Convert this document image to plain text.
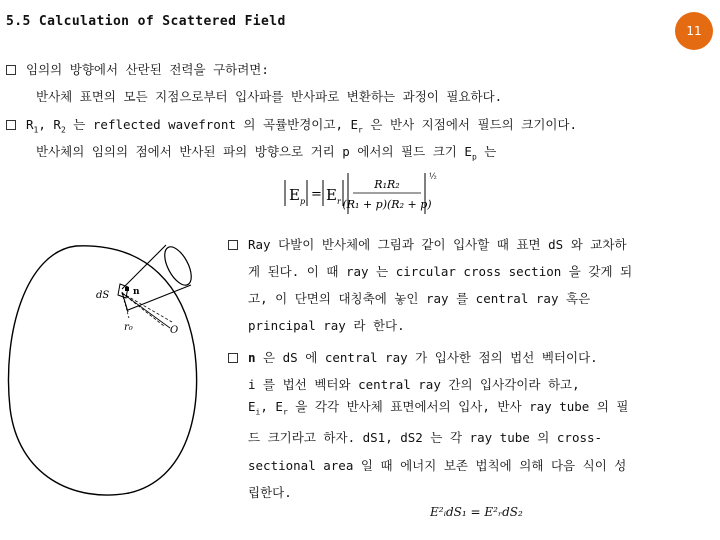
5.5 Calculation of Scattered Field
11
임의의 방향에서 산란된 전력을 구하려면:
반사체 표면의 모든 지점으로부터 입사파를 반사파로 변환하는 과정이 필요하다.
$R_1$, $R_2$ 는 reflected wavefront 의 곡률반경이고, $E_r$ 은 반사 지점에서 필드의 크기이다.
반사체의 임의의 점에서 반사된 파의 방향으로 거리 p 에서의 필드 크기 $E_p$ 는
E p = E r
R₁R₂
(R₁ + p)(R₂ + p)
½
dS	n
r₀	O
Ray 다발이 반사체에 그림과 같이 입사할 때 표면 dS 와 교차하
게 된다. 이 때 ray 는 circular cross section 을 갖게 되
고, 이 단면의 대칭축에 놓인 ray 를 central ray 혹은
principal ray 라 한다.
n 은 dS 에 central ray 가 입사한 점의 법선 벡터이다.
i 를 법선 벡터와 central ray 간의 입사각이라 하고,
$E_i$, $E_r$ 을 각각 반사체 표면에서의 입사, 반사 ray tube 의 필
드 크기라고 하자. dS1, dS2 는 각 ray tube 의 cross-
sectional area 일 때 에너지 보존 법칙에 의해 다음 식이 성
립한다.
E²ᵢdS₁ = E²ᵣdS₂
